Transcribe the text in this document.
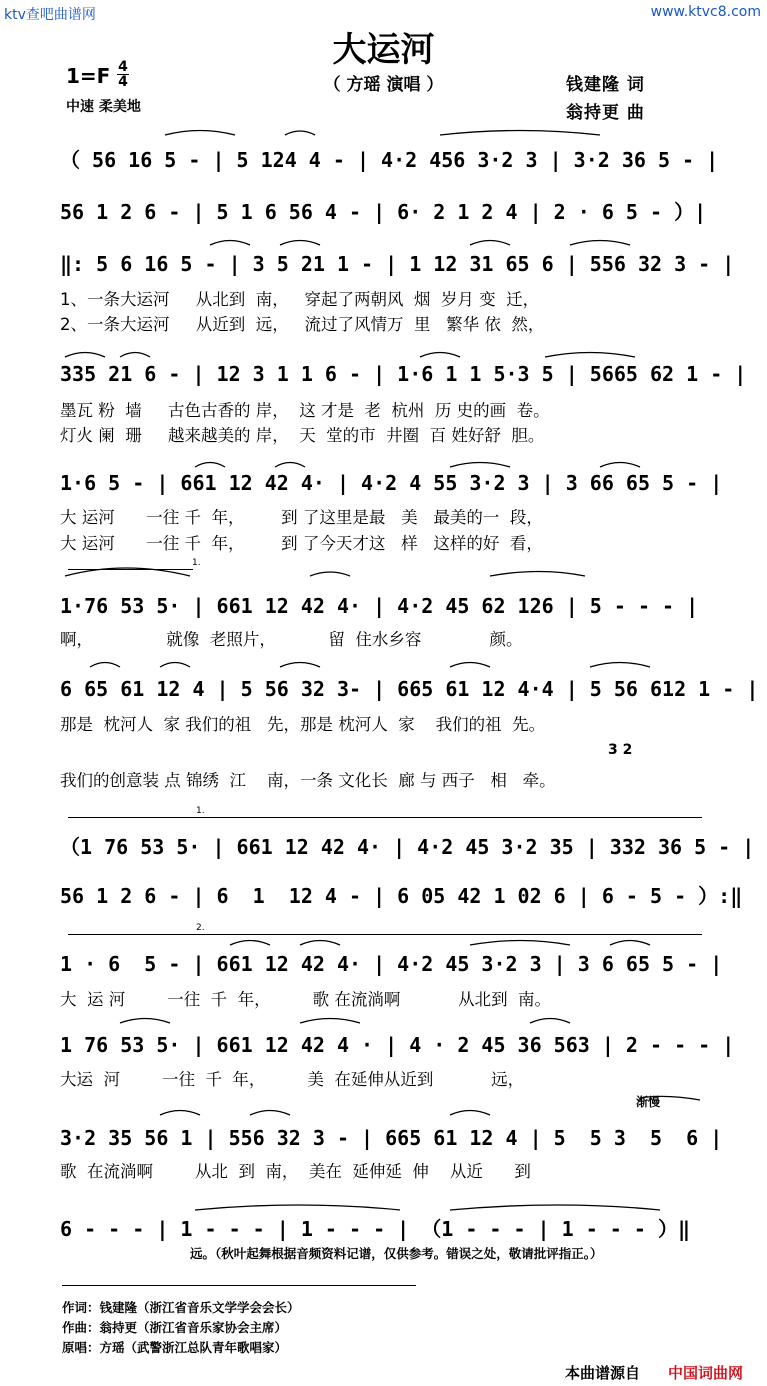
ktv查吧曲谱网	www.ktvc8.com
大运河
1=F 4
4	（ 方瑶 演唱 ）
中速 柔美地
钱建隆 词
翁持更 曲
（ 56 16 5 - | 5 124 4 - | 4·2 456 3·2 3 | 3·2 36 5 - |
56 1 2 6 - | 5 1 6 56 4 - | 6· 2 1 2 4 | 2 · 6 5 - ）|
‖: 5 6 16 5 - | 3 5 21 1 - | 1 12 31 65 6 | 556 32 3 - |
1、一条大运河     从北到  南，   穿起了两朝风  烟  岁月 变  迁，
2、一条大运河     从近到  远，   流过了风情万  里   繁华 依  然，
335 21 6 - | 12 3 1 1 6 - | 1·6 1 1 5·3 5 | 5665 62 1 - |
墨瓦 粉  墙     古色古香的 岸，  这 才是  老  杭州  历 史的画  卷。
灯火 阑  珊     越来越美的 岸，  天  堂的市  井圈  百 姓好舒  胆。
1·6 5 - | 661 12 42 4· | 4·2 4 55 3·2 3 | 3 66 65 5 - |
大 运河      一往 千  年，       到 了这里是最   美   最美的一  段，
大 运河      一往 千  年，       到 了今天才这   样   这样的好  看，
1.
1·76 53 5· | 661 12 42 4· | 4·2 45 62 126 | 5 - - - |
啊，              就像  老照片，          留  住水乡容             颜。
6 65 61 12 4 | 5 56 32 3- | 665 61 12 4·4 | 5 56 612 1 - |
那是  枕河人  家 我们的祖   先，那是 枕河人  家    我们的祖  先。
3 2
我们的创意装 点 锦绣  江    南，一条 文化长  廊 与 西子   相   牵。
1.
（1 76 53 5· | 661 12 42 4· | 4·2 45 3·2 35 | 332 36 5 - |
56 1 2 6 - | 6  1  12 4 - | 6 05 42 1 02 6 | 6 - 5 - ）:‖
2.
1 · 6  5 - | 661 12 42 4· | 4·2 45 3·2 3 | 3 6 65 5 - |
大  运 河        一往  千  年，        歌 在流淌啊           从北到  南。
1 76 53 5· | 661 12 42 4 · | 4 · 2 45 36 563 | 2 - - - |
大运  河        一往  千  年，        美  在延伸从近到           远，
渐慢
3·2 35 56 1 | 556 32 3 - | 665 61 12 4 | 5  5 3  5  6 |
歌  在流淌啊        从北  到  南，  美在  延伸延  伸    从近      到
6 - - - | 1 - - - | 1 - - - | （1 - - - | 1 - - - ）‖
远。（秋叶起舞根据音频资料记谱，仅供参考。错误之处，敬请批评指正。）
作词：钱建隆（浙江省音乐文学学会会长）
作曲：翁持更（浙江省音乐家协会主席）
原唱：方瑶（武警浙江总队青年歌唱家）
本曲谱源自 中国词曲网
